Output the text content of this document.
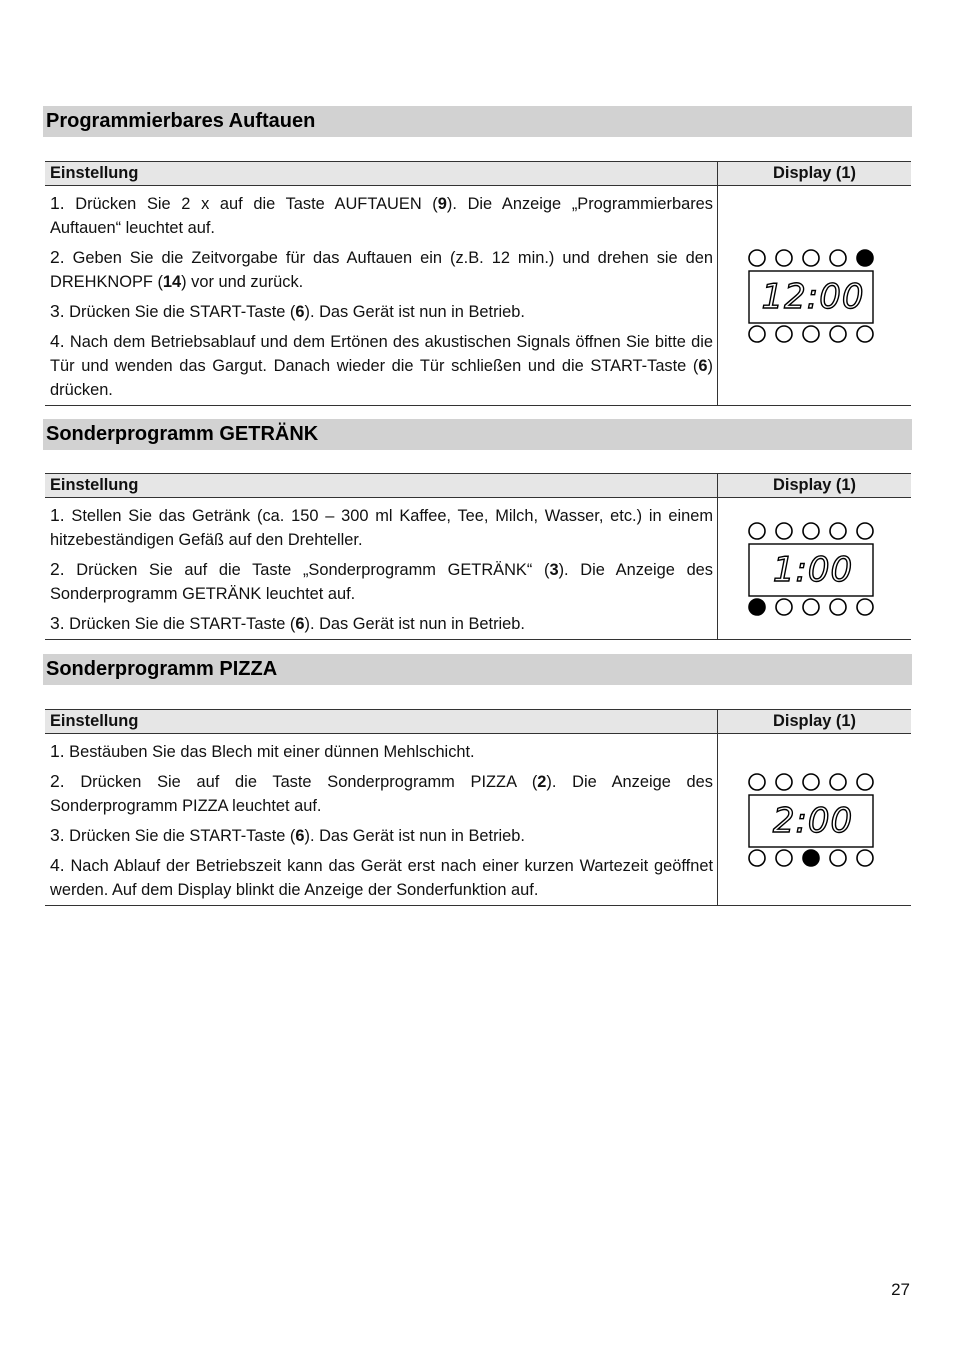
Programmierbares Auftauen
Einstellung	Display (1)

1. Drücken Sie 2 x auf die Taste AUFTAUEN (9). Die Anzeige „Programmierbares Auftauen“ leuchtet auf.

2. Geben Sie die Zeitvorgabe für das Auftauen ein (z.B. 12 min.) und drehen sie den DREHKNOPF (14) vor und zurück.

3. Drücken Sie die START-Taste (6). Das Gerät ist nun in Betrieb.

4. Nach dem Betriebsablauf und dem Ertönen des akustischen Signals öffnen Sie bitte die Tür und wenden das Gargut. Danach wieder die Tür schließen und die START-Taste (6) drücken.	12:00
Sonderprogramm GETRÄNK
Einstellung	Display (1)

1. Stellen Sie das Getränk (ca. 150 – 300 ml Kaffee, Tee, Milch, Wasser, etc.) in einem hitzebeständigen Gefäß auf den Drehteller.

2. Drücken Sie auf die Taste „Sonderprogramm GETRÄNK“ (3). Die Anzeige des Sonderprogramm GETRÄNK leuchtet auf.

3. Drücken Sie die START-Taste (6). Das Gerät ist nun in Betrieb.	1:00
Sonderprogramm PIZZA
Einstellung	Display (1)

1. Bestäuben Sie das Blech mit einer dünnen Mehlschicht.

2. Drücken Sie auf die Taste Sonderprogramm PIZZA (2). Die Anzeige des Sonderprogramm PIZZA leuchtet auf.

3. Drücken Sie die START-Taste (6). Das Gerät ist nun in Betrieb.

4. Nach Ablauf der Betriebszeit kann das Gerät erst nach einer kurzen Wartezeit geöffnet werden. Auf dem Display blinkt die Anzeige der Sonderfunktion auf.	2:00
27
